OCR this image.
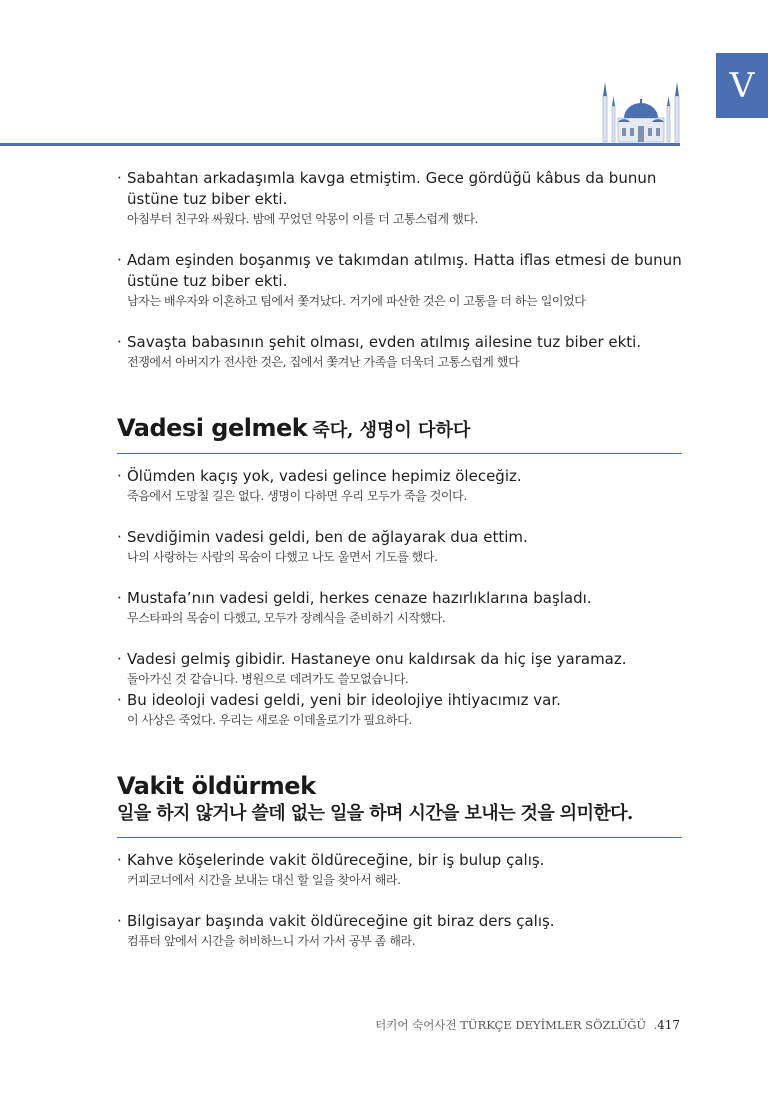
V
· Sabahtan arkadaşımla kavga etmiştim. Gece gördüğü kâbus da bunun üstüne tuz biber ekti.
아침부터 친구와 싸웠다. 밤에 꾸었던 악몽이 이를 더 고통스럽게 했다.
· Adam eşinden boşanmış ve takımdan atılmış. Hatta iflas etmesi de bunun üstüne tuz biber ekti.
남자는 배우자와 이혼하고 팀에서 쫓겨났다. 거기에 파산한 것은 이 고통을 더 하는 일이었다
· Savaşta babasının şehit olması, evden atılmış ailesine tuz biber ekti.
전쟁에서 아버지가 전사한 것은, 집에서 쫓겨난 가족을 더욱더 고통스럽게 했다
Vadesi gelmek 죽다, 생명이 다하다
· Ölümden kaçış yok, vadesi gelince hepimiz öleceğiz.
죽음에서 도망칠 길은 없다. 생명이 다하면 우리 모두가 죽을 것이다.
· Sevdiğimin vadesi geldi, ben de ağlayarak dua ettim.
나의 사랑하는 사람의 목숨이 다했고 나도 울면서 기도를 했다.
· Mustafa’nın vadesi geldi, herkes cenaze hazırlıklarına başladı.
무스타파의 목숨이 다했고, 모두가 장례식을 준비하기 시작했다.
· Vadesi gelmiş gibidir. Hastaneye onu kaldırsak da hiç işe yaramaz.
돌아가신 것 같습니다. 병원으로 데려가도 쓸모없습니다.
· Bu ideoloji vadesi geldi, yeni bir ideolojiye ihtiyacımız var.
이 사상은 죽었다. 우리는 새로운 이데올로기가 필요하다.
Vakit öldürmek
일을 하지 않거나 쓸데 없는 일을 하며 시간을 보내는 것을 의미한다.
· Kahve köşelerinde vakit öldüreceğine, bir iş bulup çalış.
커피코너에서 시간을 보내는 대신 할 일을 찾아서 해라.
· Bilgisayar başında vakit öldüreceğine git biraz ders çalış.
컴퓨터 앞에서 시간을 허비하느니 가서 가서 공부 좀 해라.
터키어 숙어사전 TÜRKÇE DEYİMLER SÖZLÜĞÜ  .417
